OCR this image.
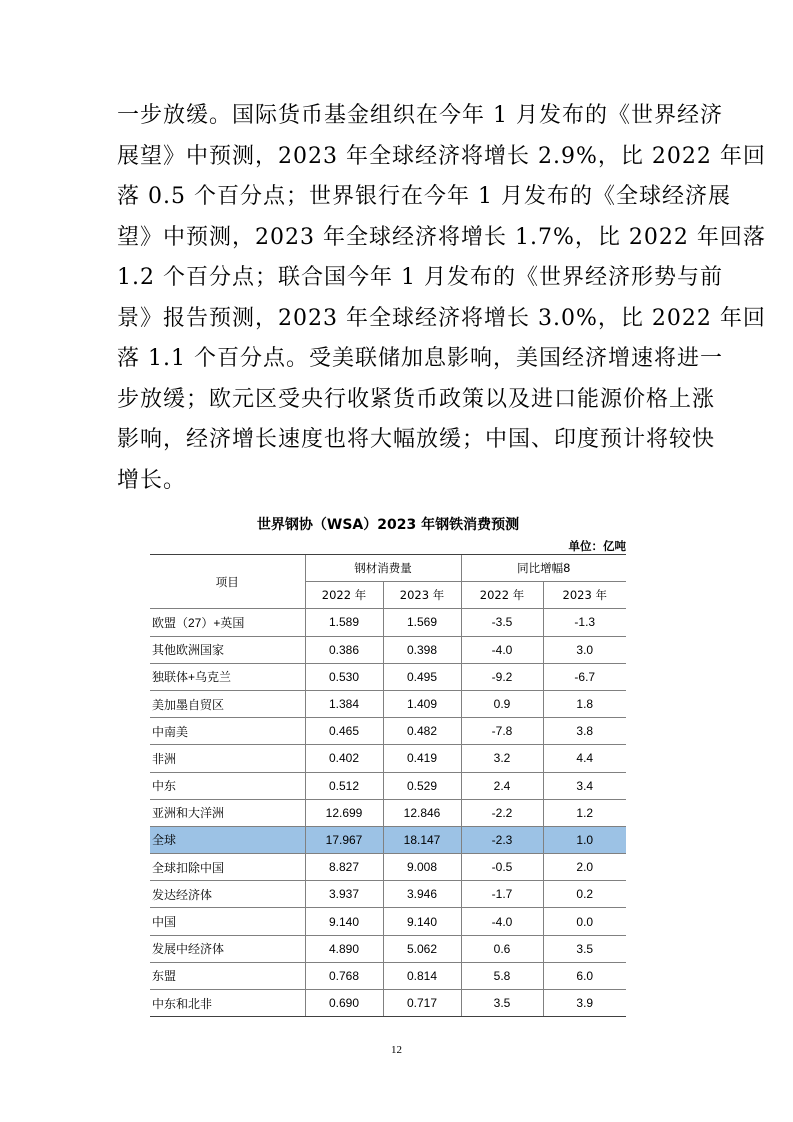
一步放缓。国际货币基金组织在今年 1 月发布的《世界经济

展望》中预测，2023 年全球经济将增长 2.9%，比 2022 年回

落 0.5 个百分点；世界银行在今年 1 月发布的《全球经济展

望》中预测，2023 年全球经济将增长 1.7%，比 2022 年回落

1.2 个百分点；联合国今年 1 月发布的《世界经济形势与前

景》报告预测，2023 年全球经济将增长 3.0%，比 2022 年回

落 1.1 个百分点。受美联储加息影响，美国经济增速将进一

步放缓；欧元区受央行收紧货币政策以及进口能源价格上涨

影响，经济增长速度也将大幅放缓；中国、印度预计将较快

增长。

世界钢协（WSA）2023 年钢铁消费预测
单位：亿吨
项目	钢材消费量		同比增幅8	
	2022 年	2023 年	2022 年	2023 年
欧盟（27）+英国	1.589	1.569	-3.5	-1.3
其他欧洲国家	0.386	0.398	-4.0	3.0
独联体+乌克兰	0.530	0.495	-9.2	-6.7
美加墨自贸区	1.384	1.409	0.9	1.8
中南美	0.465	0.482	-7.8	3.8
非洲	0.402	0.419	3.2	4.4
中东	0.512	0.529	2.4	3.4
亚洲和大洋洲	12.699	12.846	-2.2	1.2
全球	17.967	18.147	-2.3	1.0
全球扣除中国	8.827	9.008	-0.5	2.0
发达经济体	3.937	3.946	-1.7	0.2
中国	9.140	9.140	-4.0	0.0
发展中经济体	4.890	5.062	0.6	3.5
东盟	0.768	0.814	5.8	6.0
中东和北非	0.690	0.717	3.5	3.9
12
